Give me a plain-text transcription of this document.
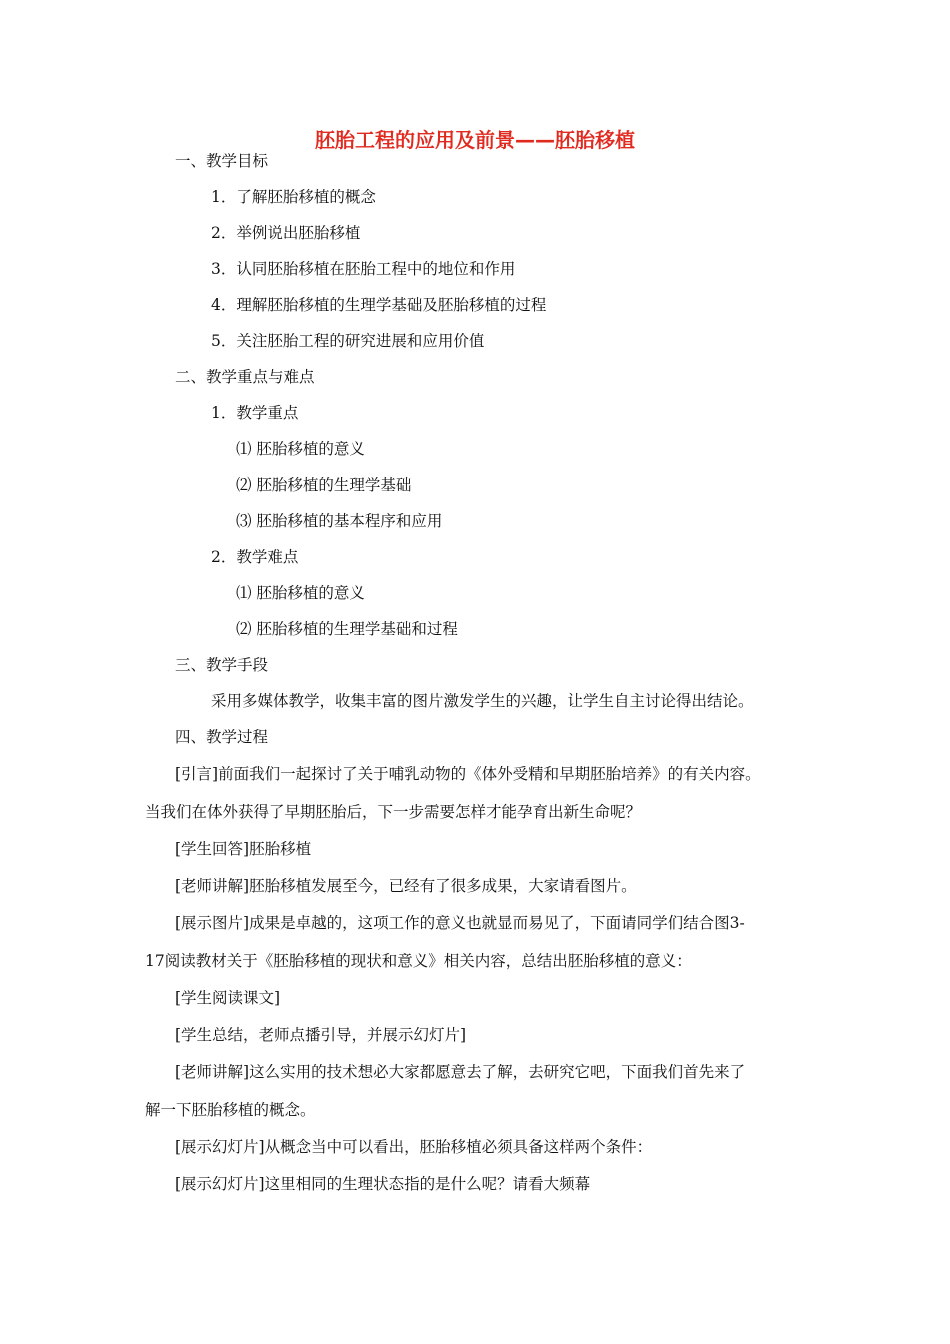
胚胎工程的应用及前景——胚胎移植
一、教学目标
1．了解胚胎移植的概念
2．举例说出胚胎移植
3．认同胚胎移植在胚胎工程中的地位和作用
4．理解胚胎移植的生理学基础及胚胎移植的过程
5．关注胚胎工程的研究进展和应用价值
二、教学重点与难点
1．教学重点
⑴ 胚胎移植的意义
⑵ 胚胎移植的生理学基础
⑶ 胚胎移植的基本程序和应用
2．教学难点
⑴ 胚胎移植的意义
⑵ 胚胎移植的生理学基础和过程
三、教学手段
采用多媒体教学，收集丰富的图片激发学生的兴趣，让学生自主讨论得出结论。
四、教学过程
[引言]前面我们一起探讨了关于哺乳动物的《体外受精和早期胚胎培养》的有关内容。
当我们在体外获得了早期胚胎后，下一步需要怎样才能孕育出新生命呢？
[学生回答]胚胎移植
[老师讲解]胚胎移植发展至今，已经有了很多成果，大家请看图片。
[展示图片]成果是卓越的，这项工作的意义也就显而易见了，下面请同学们结合图3-
17阅读教材关于《胚胎移植的现状和意义》相关内容，总结出胚胎移植的意义：
[学生阅读课文]
[学生总结，老师点播引导，并展示幻灯片]
[老师讲解]这么实用的技术想必大家都愿意去了解，去研究它吧，下面我们首先来了
解一下胚胎移植的概念。
[展示幻灯片]从概念当中可以看出，胚胎移植必须具备这样两个条件：
[展示幻灯片]这里相同的生理状态指的是什么呢？请看大频幕
